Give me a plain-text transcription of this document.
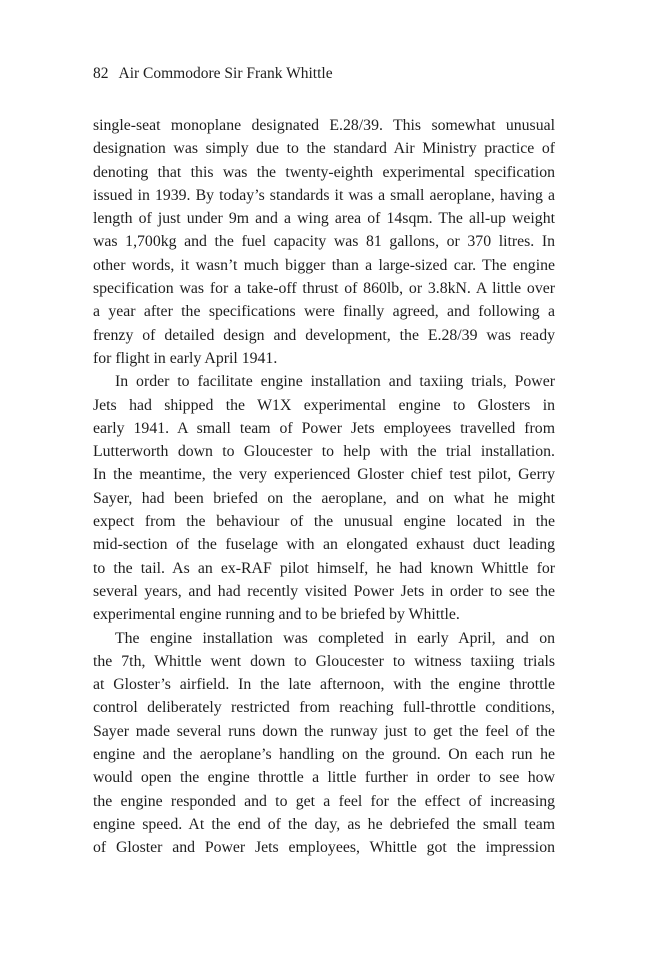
82 Air Commodore Sir Frank Whittle
single-seat monoplane designated E.28/39. This somewhat unusual
designation was simply due to the standard Air Ministry practice of
denoting that this was the twenty-eighth experimental specification
issued in 1939. By today’s standards it was a small aeroplane, having a
length of just under 9m and a wing area of 14sqm. The all-up weight
was 1,700kg and the fuel capacity was 81 gallons, or 370 litres. In
other words, it wasn’t much bigger than a large-sized car. The engine
specification was for a take-off thrust of 860lb, or 3.8kN. A little over
a year after the specifications were finally agreed, and following a
frenzy of detailed design and development, the E.28/39 was ready
for flight in early April 1941.
In order to facilitate engine installation and taxiing trials, Power
Jets had shipped the W1X experimental engine to Glosters in
early 1941. A small team of Power Jets employees travelled from
Lutterworth down to Gloucester to help with the trial installation.
In the meantime, the very experienced Gloster chief test pilot, Gerry
Sayer, had been briefed on the aeroplane, and on what he might
expect from the behaviour of the unusual engine located in the
mid-section of the fuselage with an elongated exhaust duct leading
to the tail. As an ex-RAF pilot himself, he had known Whittle for
several years, and had recently visited Power Jets in order to see the
experimental engine running and to be briefed by Whittle.
The engine installation was completed in early April, and on
the 7th, Whittle went down to Gloucester to witness taxiing trials
at Gloster’s airfield. In the late afternoon, with the engine throttle
control deliberately restricted from reaching full-throttle conditions,
Sayer made several runs down the runway just to get the feel of the
engine and the aeroplane’s handling on the ground. On each run he
would open the engine throttle a little further in order to see how
the engine responded and to get a feel for the effect of increasing
engine speed. At the end of the day, as he debriefed the small team
of Gloster and Power Jets employees, Whittle got the impression
